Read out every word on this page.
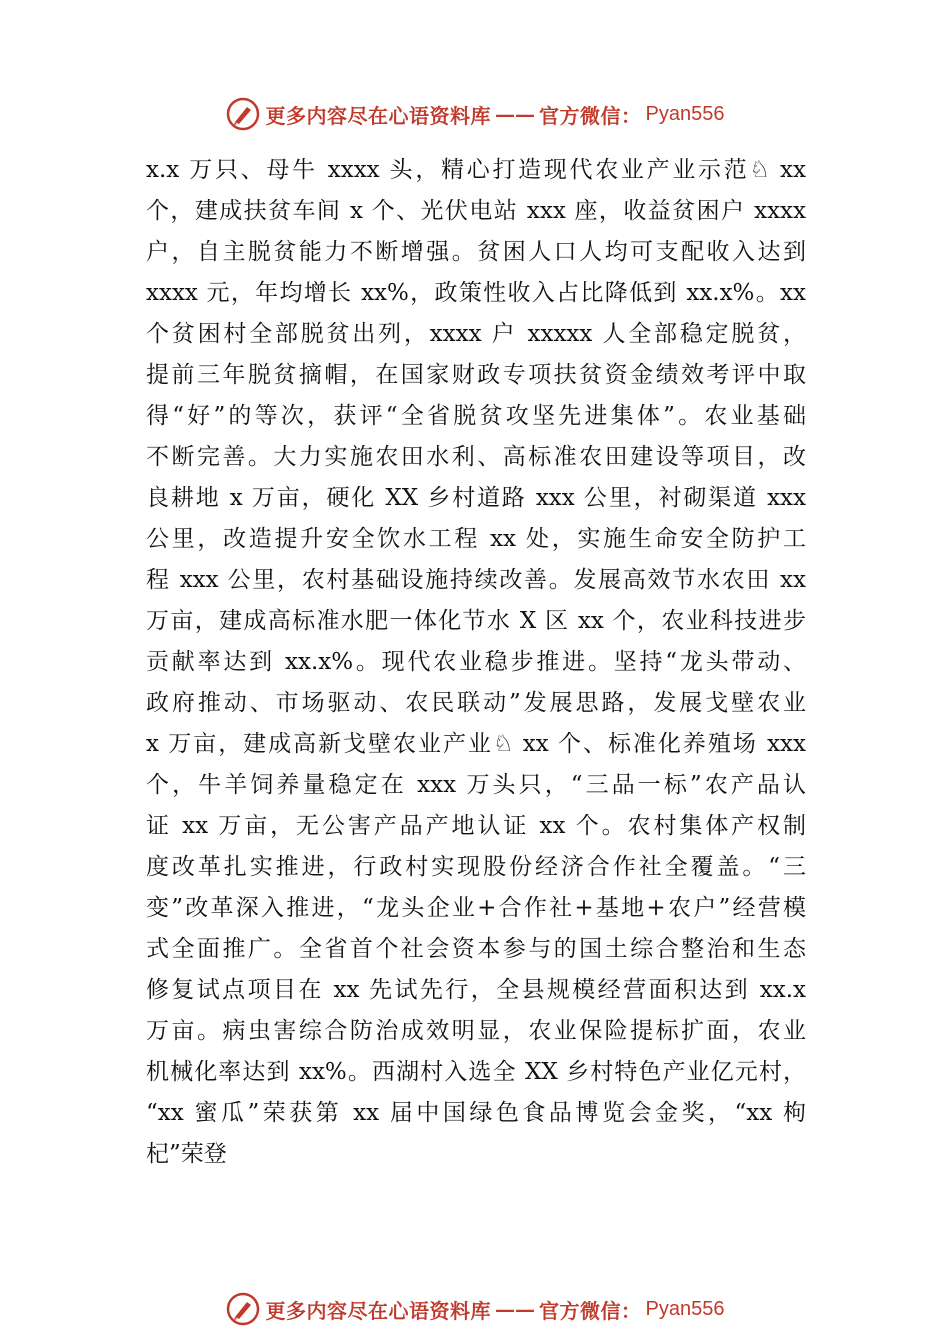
更多内容尽在心语资料库 —— 官方微信： Pyan556
x.x 万只、母牛 xxxx 头，精心打造现代农业产业示范♘ xx
个，建成扶贫车间 x 个、光伏电站 xxx 座，收益贫困户 xxxx
户，自主脱贫能力不断增强。贫困人口人均可支配收入达到
xxxx 元，年均增长 xx%，政策性收入占比降低到 xx.x%。xx
个贫困村全部脱贫出列，xxxx 户 xxxxx 人全部稳定脱贫，
提前三年脱贫摘帽，在国家财政专项扶贫资金绩效考评中取
得“好”的等次，获评“全省脱贫攻坚先进集体”。农业基础
不断完善。大力实施农田水利、高标准农田建设等项目，改
良耕地 x 万亩，硬化 XX 乡村道路 xxx 公里，衬砌渠道 xxx
公里，改造提升安全饮水工程 xx 处，实施生命安全防护工
程 xxx 公里，农村基础设施持续改善。发展高效节水农田 xx
万亩，建成高标准水肥一体化节水 X 区 xx 个，农业科技进步
贡献率达到 xx.x%。现代农业稳步推进。坚持“龙头带动、
政府推动、市场驱动、农民联动”发展思路，发展戈壁农业
x 万亩，建成高新戈壁农业产业♘ xx 个、标准化养殖场 xxx
个，牛羊饲养量稳定在 xxx 万头只，“三品一标”农产品认
证 xx 万亩，无公害产品产地认证 xx 个。农村集体产权制
度改革扎实推进，行政村实现股份经济合作社全覆盖。“三
变”改革深入推进，“龙头企业+合作社+基地+农户”经营模
式全面推广。全省首个社会资本参与的国土综合整治和生态
修复试点项目在 xx 先试先行，全县规模经营面积达到 xx.x
万亩。病虫害综合防治成效明显，农业保险提标扩面，农业
机械化率达到 xx%。西湖村入选全 XX 乡村特色产业亿元村，
“xx 蜜瓜”荣获第 xx 届中国绿色食品博览会金奖，“xx 枸
杞”荣登
更多内容尽在心语资料库 —— 官方微信： Pyan556
